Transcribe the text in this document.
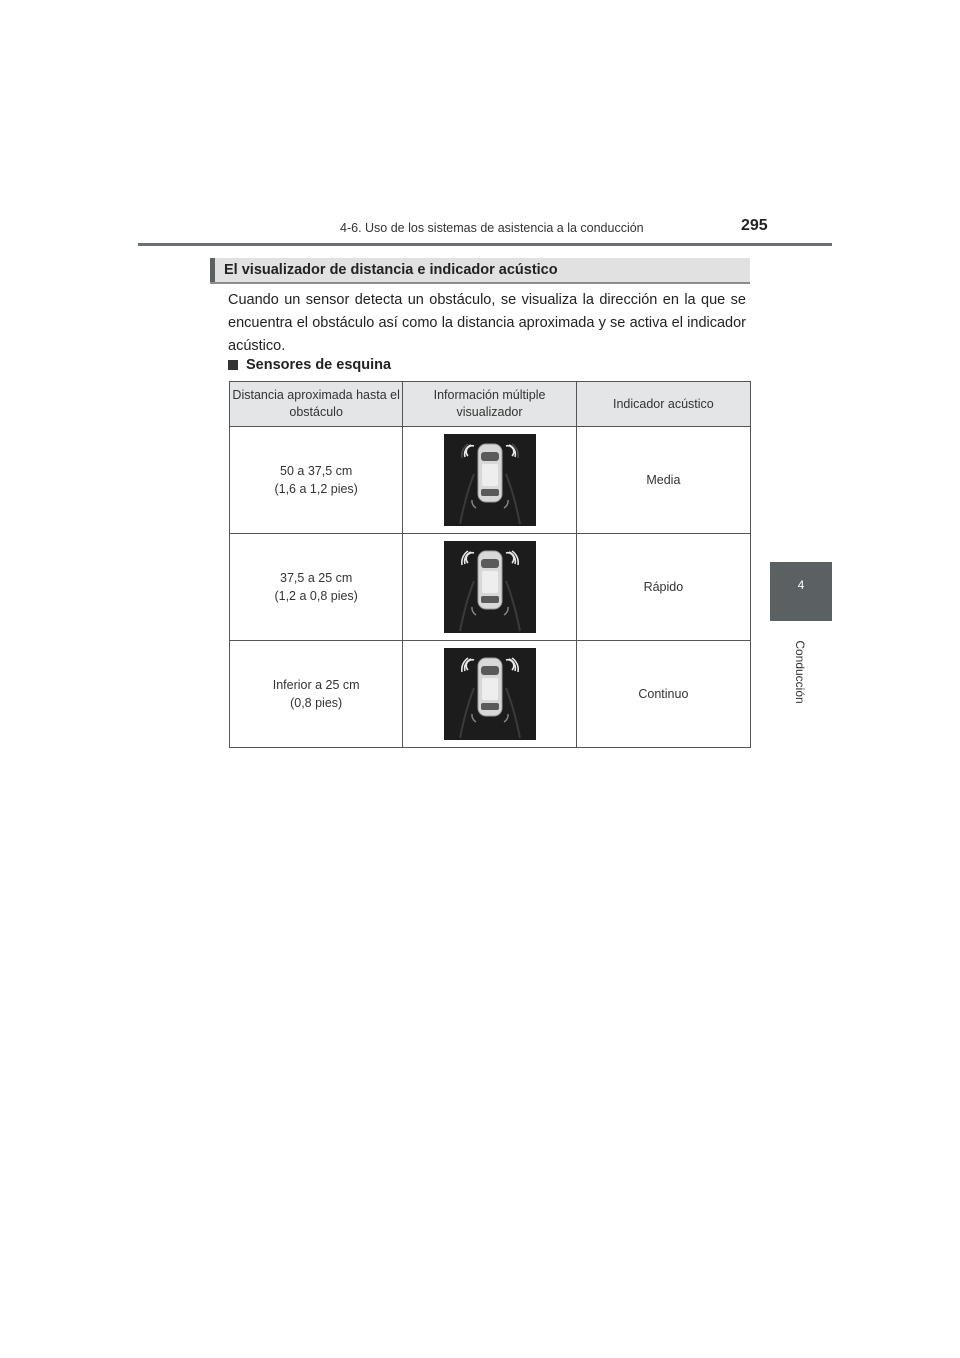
4-6. Uso de los sistemas de asistencia a la conducción	295
4
Conducción
El visualizador de distancia e indicador acústico

Cuando un sensor detecta un obstáculo, se visualiza la dirección en la que se encuentra el obstáculo así como la distancia aproximada y se activa el indicador acústico.

Sensores de esquina
Distancia aproximada hasta el obstáculo	Información múltiple visualizador	Indicador acústico
50 a 37,5 cm
(1,6 a 1,2 pies)		Media
37,5 a 25 cm
(1,2 a 0,8 pies)		Rápido
Inferior a 25 cm
(0,8 pies)		Continuo
